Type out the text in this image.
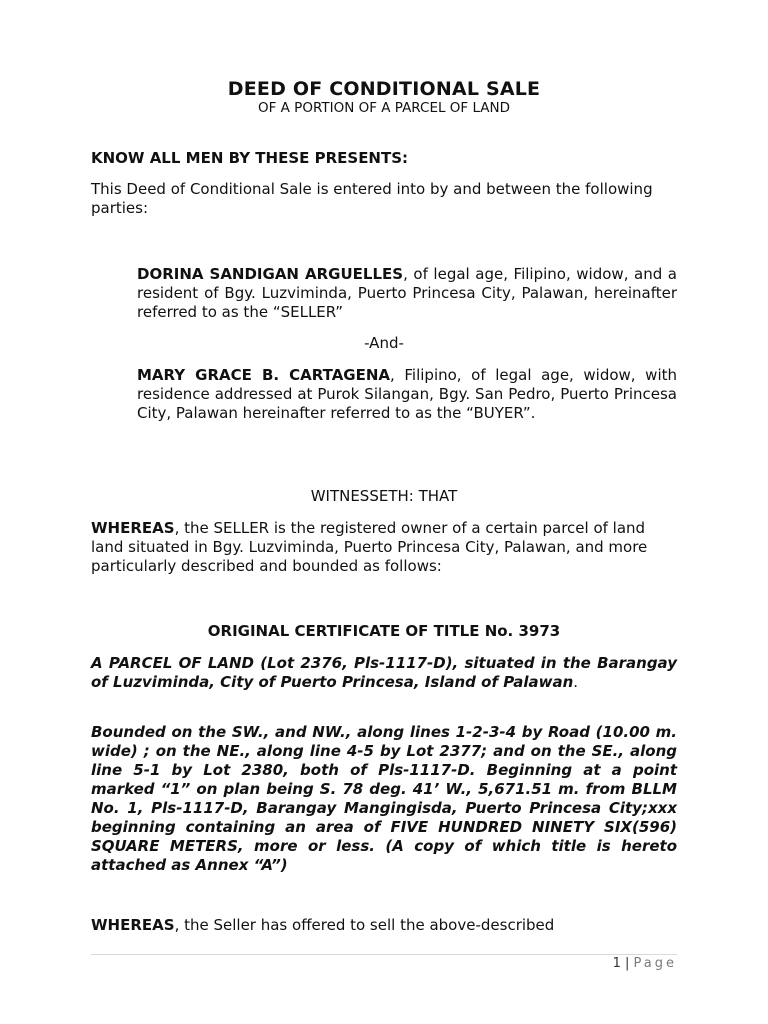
DEED OF CONDITIONAL SALE
OF A PORTION OF A PARCEL OF LAND
KNOW ALL MEN BY THESE PRESENTS:
This Deed of Conditional Sale is entered into by and between the following parties:
DORINA SANDIGAN ARGUELLES, of legal age, Filipino, widow, and a resident of Bgy. Luzviminda, Puerto Princesa City, Palawan, hereinafter referred to as the “SELLER”
-And-
MARY GRACE B. CARTAGENA, Filipino, of legal age, widow, with residence addressed at Purok Silangan, Bgy. San Pedro, Puerto Princesa City, Palawan hereinafter referred to as the “BUYER”.
WITNESSETH: THAT
WHEREAS, the SELLER is the registered owner of a certain parcel of land land situated in Bgy. Luzviminda, Puerto Princesa City, Palawan, and more particularly described and bounded as follows:
ORIGINAL CERTIFICATE OF TITLE No. 3973
A PARCEL OF LAND (Lot 2376, Pls-1117-D), situated in the Barangay of Luzviminda, City of Puerto Princesa, Island of Palawan.
Bounded on the SW., and NW., along lines 1-2-3-4 by Road (10.00 m. wide) ; on the NE., along line 4-5 by Lot 2377; and on the SE., along line 5-1 by Lot 2380, both of Pls-1117-D. Beginning at a point marked “1” on plan being S. 78 deg. 41’ W., 5,671.51 m. from BLLM No. 1, Pls-1117-D, Barangay Mangingisda, Puerto Princesa City;xxx beginning containing an area of FIVE HUNDRED NINETY SIX(596) SQUARE METERS, more or less. (A copy of which title is hereto attached as Annex “A”)
WHEREAS, the Seller has offered to sell the above-described
1 | Page
